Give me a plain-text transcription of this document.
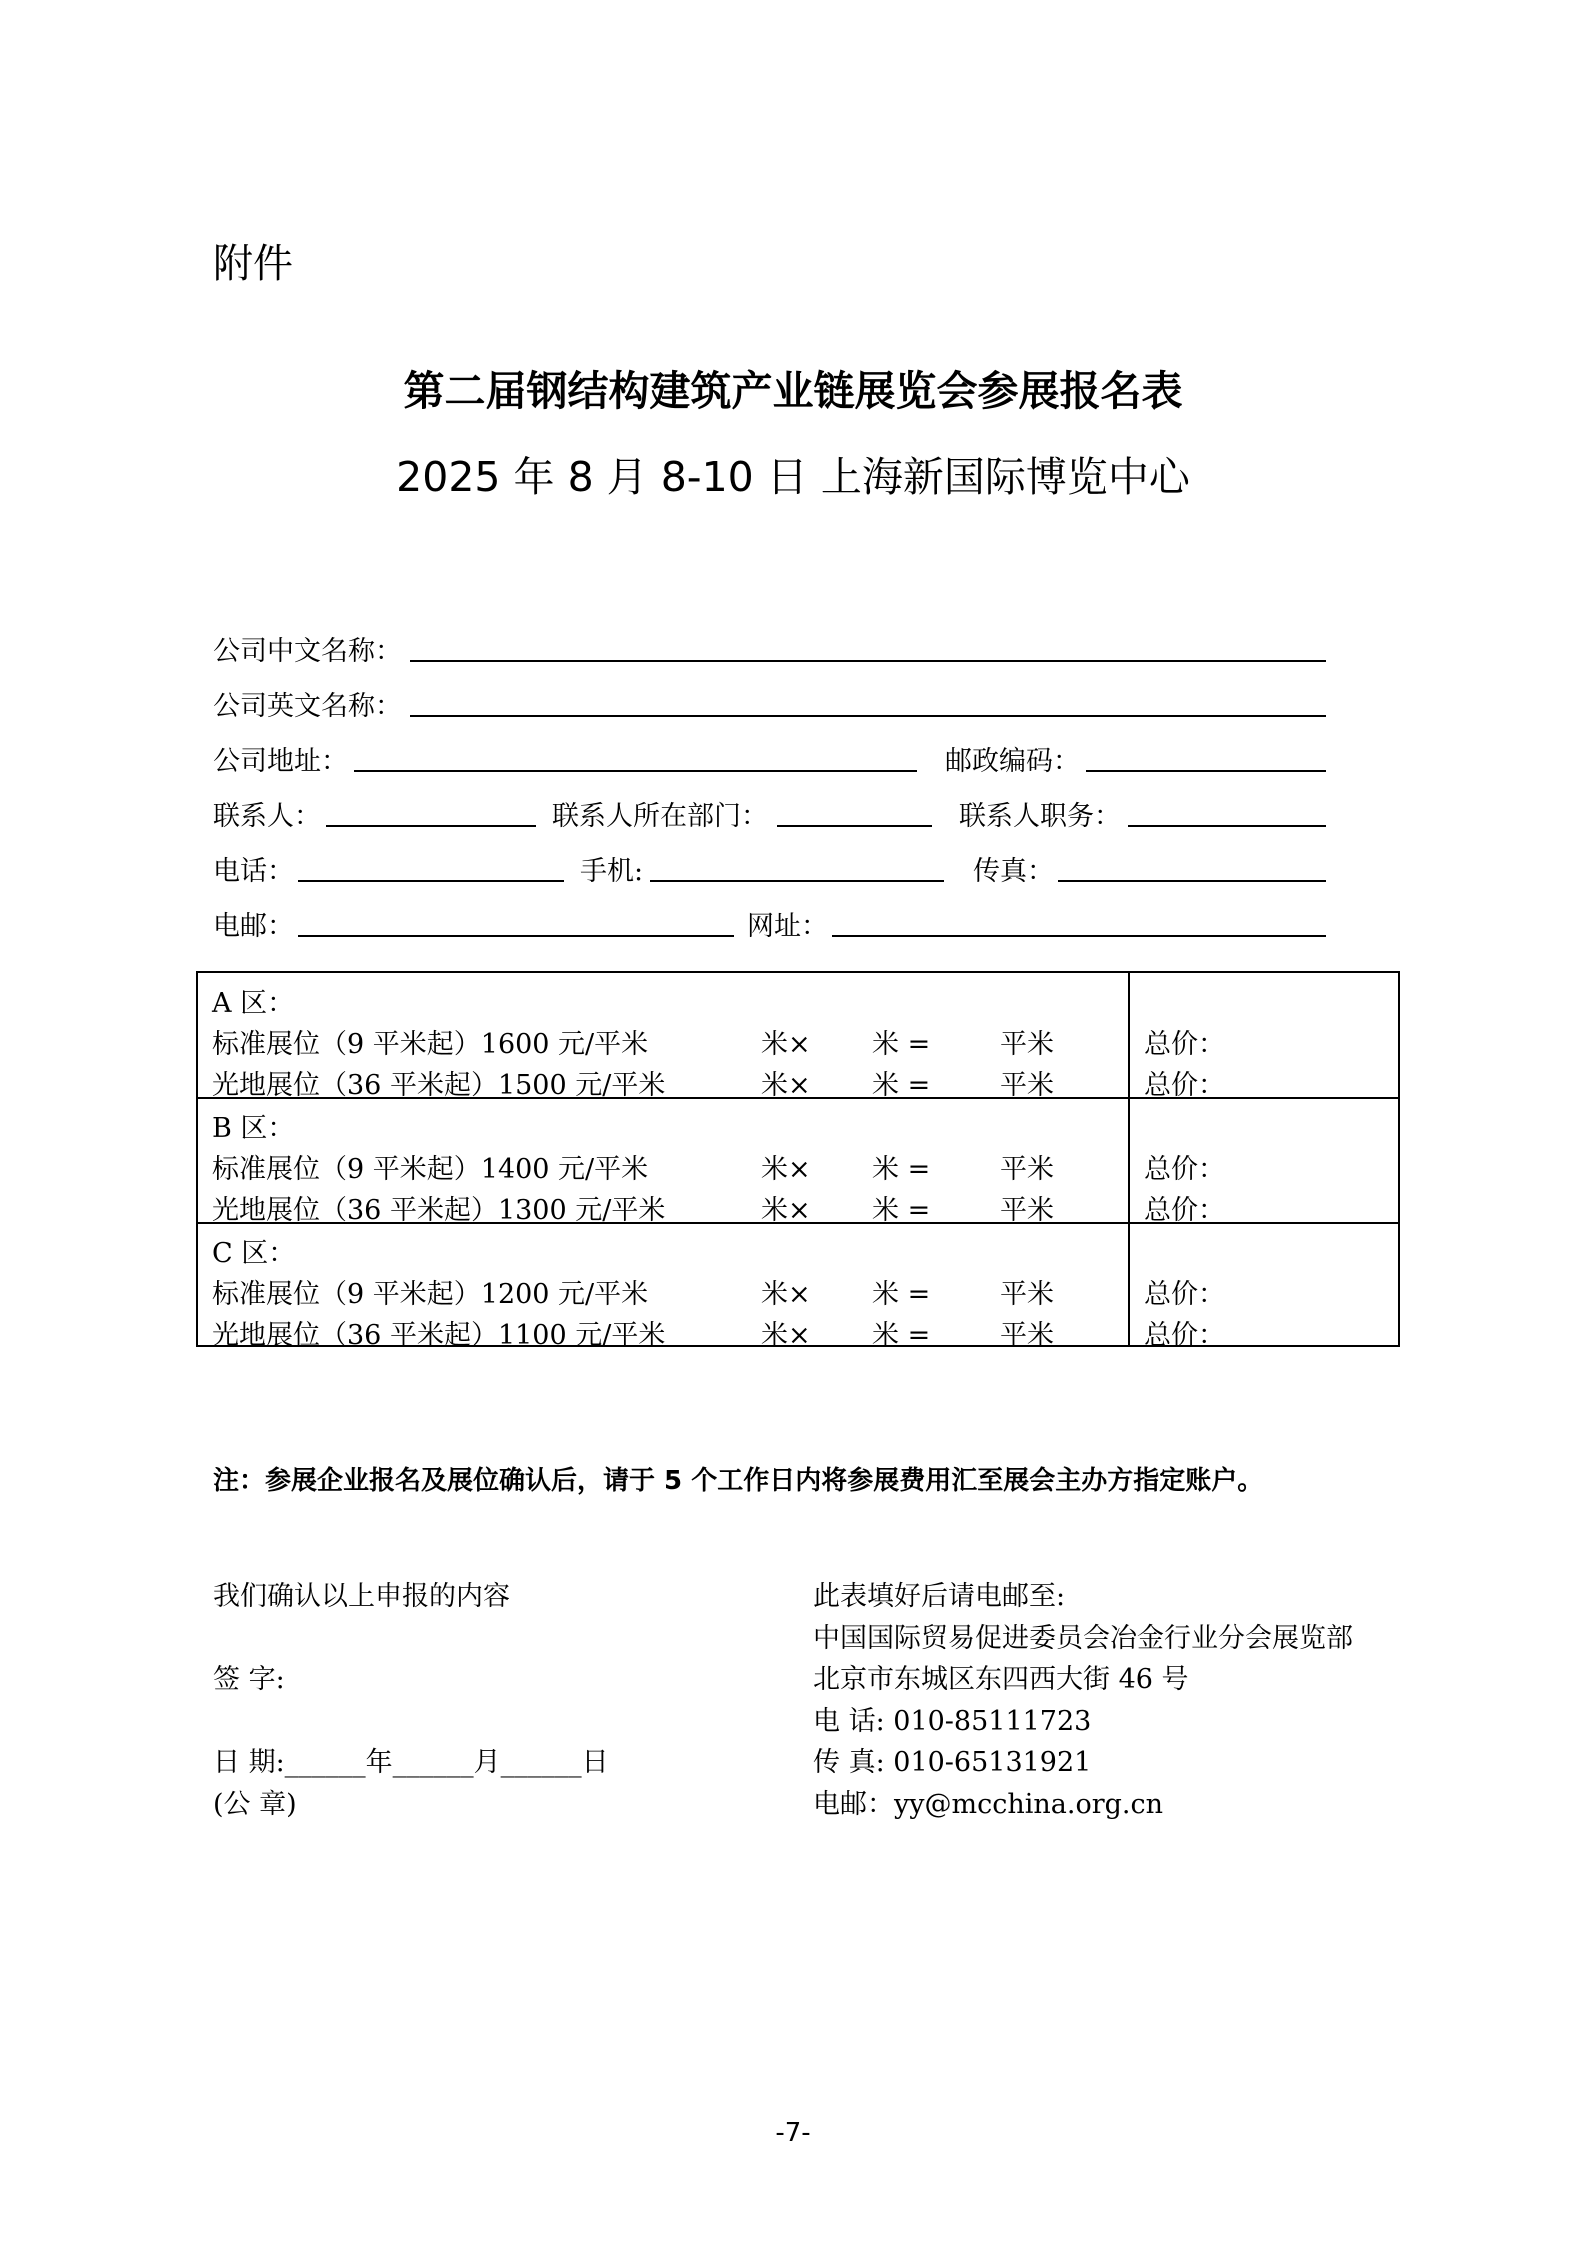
附件
第二届钢结构建筑产业链展览会参展报名表
2025 年 8 月 8-10 日 上海新国际博览中心
公司中文名称：
公司英文名称：
公司地址：	邮政编码：
联系人：	联系人所在部门：	联系人职务：
电话：	手机:	传真：
电邮：	网址：
A 区：
标准展位（9 平米起）1600 元/平米	米× 米 =	平米	总价：
光地展位（36 平米起）1500 元/平米	米× 米 =	平米	总价：
B 区：
标准展位（9 平米起）1400 元/平米	米× 米 =	平米	总价：
光地展位（36 平米起）1300 元/平米	米× 米 =	平米	总价：
C 区：
标准展位（9 平米起）1200 元/平米	米× 米 =	平米	总价：
光地展位（36 平米起）1100 元/平米	米× 米 =	平米	总价：
注：参展企业报名及展位确认后，请于 5 个工作日内将参展费用汇至展会主办方指定账户。
我们确认以上申报的内容
签 字:
日 期:______年______月______日
(公 章)
此表填好后请电邮至:
中国国际贸易促进委员会冶金行业分会展览部
北京市东城区东四西大街 46 号
电 话: 010-85111723
传 真: 010-65131921
电邮：yy@mcchina.org.cn
-7-
